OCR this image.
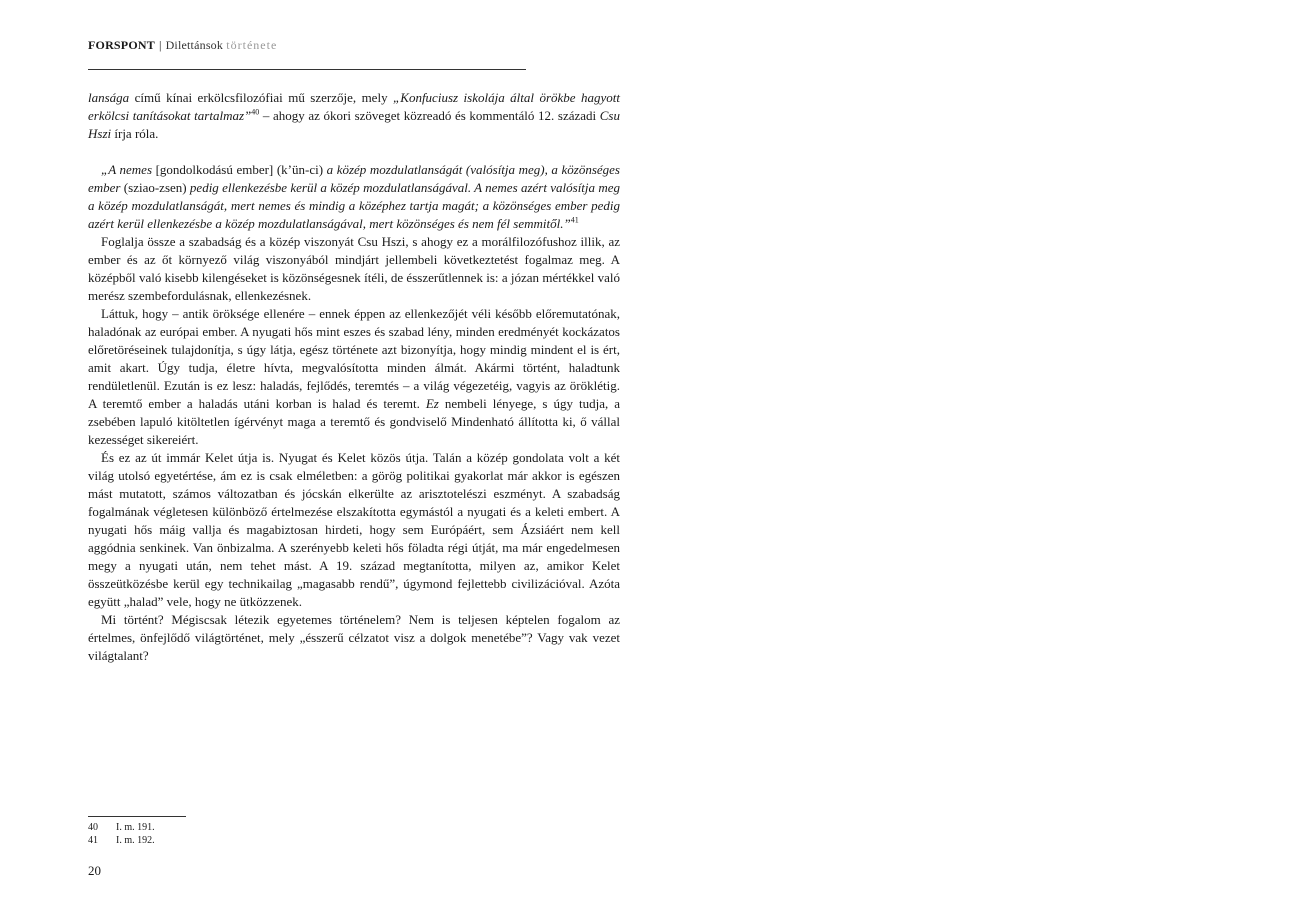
FORSPONT | Dilettánsok története

lansága című kínai erkölcsfilozófiai mű szerzője, mely „Konfuciusz iskolája által örökbe hagyott erkölcsi tanításokat tartalmaz”$^{40}$ – ahogy az ókori szöveget közreadó és kommentáló 12. századi Csu Hszi írja róla.

„A nemes [gondolkodású ember] (k’ün-ci) a közép mozdulatlanságát (valósítja meg), a közönséges ember (sziao-zsen) pedig ellenkezésbe kerül a közép mozdulatlanságával. A nemes azért valósítja meg a közép mozdulatlanságát, mert nemes és mindig a középhez tartja magát; a közönséges ember pedig azért kerül ellenkezésbe a közép mozdulatlanságával, mert közönséges és nem fél semmitől.”$^{41}$

Foglalja össze a szabadság és a közép viszonyát Csu Hszi, s ahogy ez a morálfilozófushoz illik, az ember és az őt környező világ viszonyából mindjárt jellembeli következtetést fogalmaz meg. A középből való kisebb kilengéseket is közönségesnek ítéli, de ésszerűtlennek is: a józan mértékkel való merész szembefordulásnak, ellenkezésnek.

Láttuk, hogy – antik öröksége ellenére – ennek éppen az ellenkezőjét véli később előremutatónak, haladónak az európai ember. A nyugati hős mint eszes és szabad lény, minden eredményét kockázatos előretöréseinek tulajdonítja, s úgy látja, egész története azt bizonyítja, hogy mindig mindent el is ért, amit akart. Úgy tudja, életre hívta, megvalósította minden álmát. Akármi történt, haladtunk rendületlenül. Ezután is ez lesz: haladás, fejlődés, teremtés – a világ végezetéig, vagyis az öröklétig. A teremtő ember a haladás utáni korban is halad és teremt. Ez nembeli lényege, s úgy tudja, a zsebében lapuló kitöltetlen ígérvényt maga a teremtő és gondviselő Mindenható állította ki, ő vállal kezességet sikereiért.

És ez az út immár Kelet útja is. Nyugat és Kelet közös útja. Talán a közép gondolata volt a két világ utolsó egyetértése, ám ez is csak elméletben: a görög politikai gyakorlat már akkor is egészen mást mutatott, számos változatban és jócskán elkerülte az arisztotelészi eszményt. A szabadság fogalmának végletesen különböző értelmezése elszakította egymástól a nyugati és a keleti embert. A nyugati hős máig vallja és magabiztosan hirdeti, hogy sem Európáért, sem Ázsiáért nem kell aggódnia senkinek. Van önbizalma. A szerényebb keleti hős föladta régi útját, ma már engedelmesen megy a nyugati után, nem tehet mást. A 19. század megtanította, milyen az, amikor Kelet összeütközésbe kerül egy technikailag „magasabb rendű”, úgymond fejlettebb civilizációval. Azóta együtt „halad” vele, hogy ne ütközzenek.

Mi történt? Mégiscsak létezik egyetemes történelem? Nem is teljesen képtelen fogalom az értelmes, önfejlődő világtörténet, mely „ésszerű célzatot visz a dolgok menetébe”? Vagy vak vezet világtalant?

40	I. m. 191.
41	I. m. 192.
20
